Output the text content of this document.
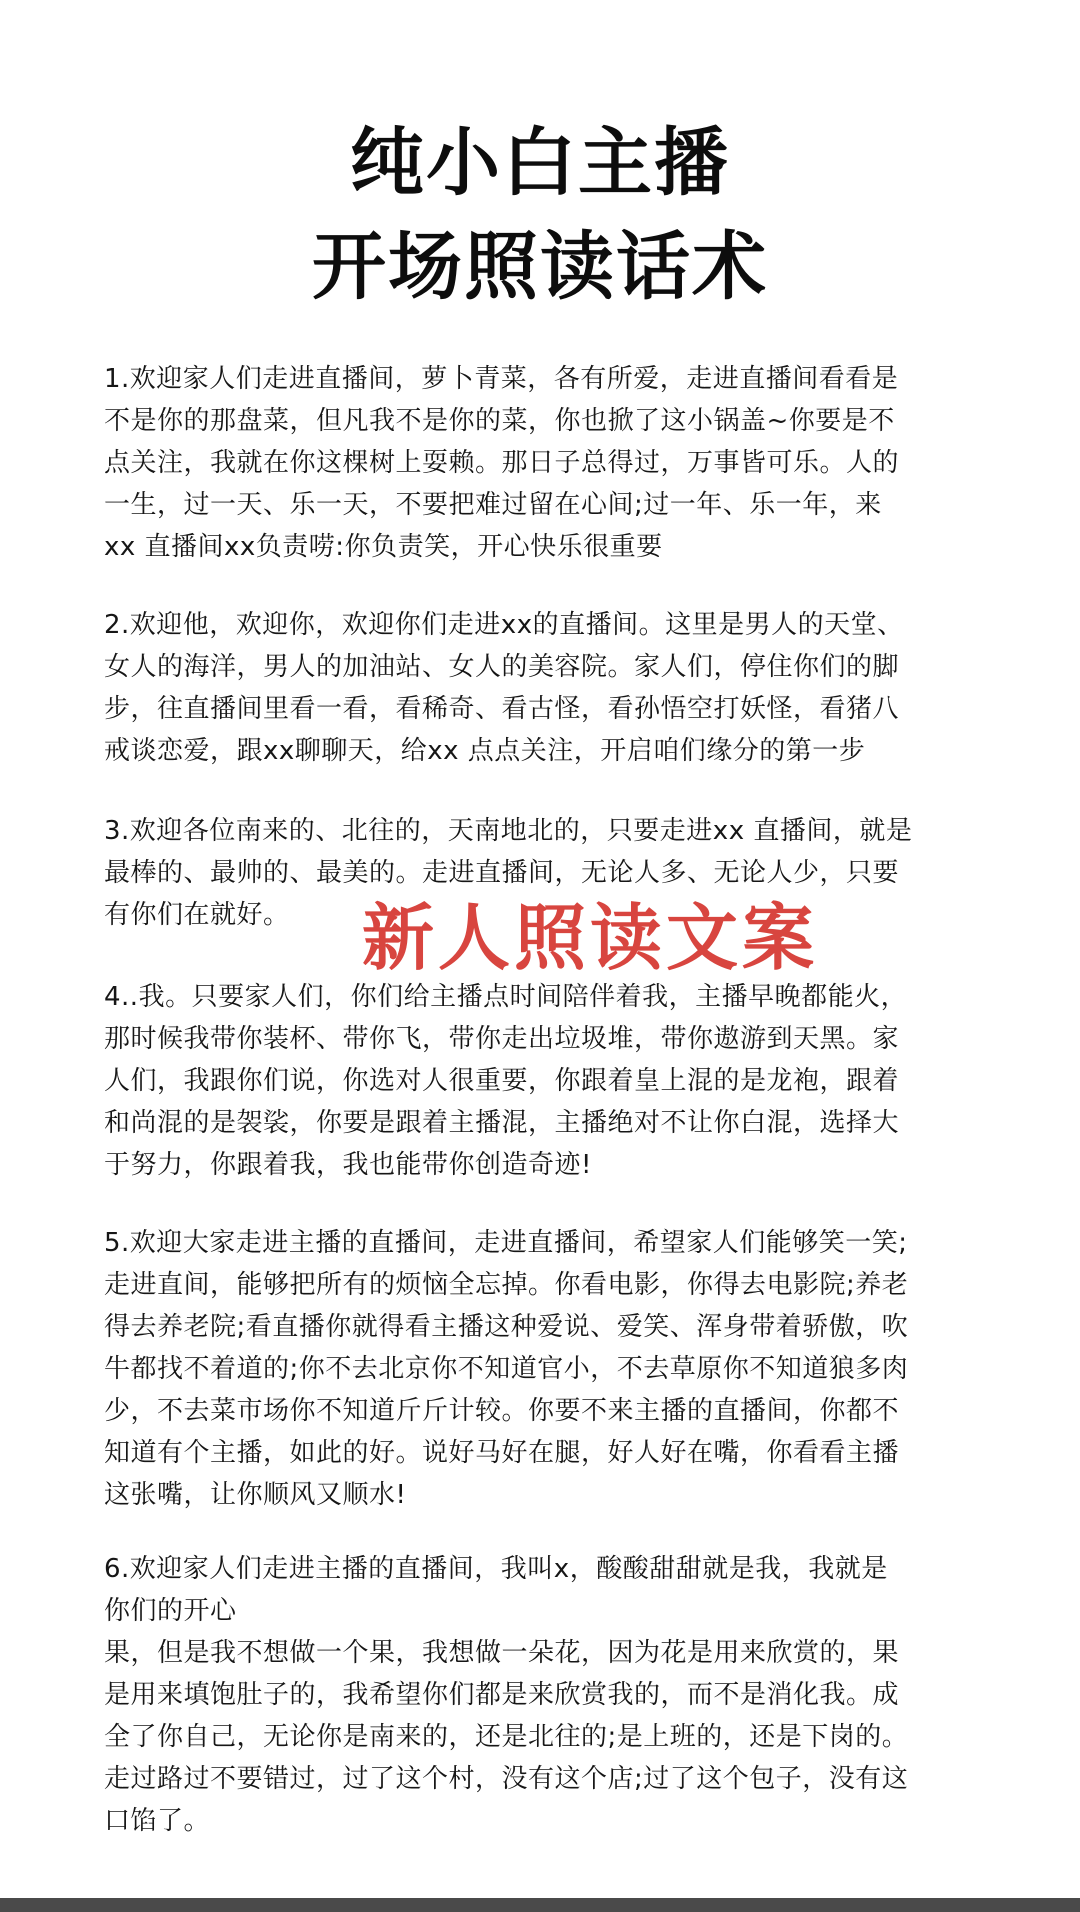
纯小白主播
开场照读话术
1.欢迎家人们走进直播间，萝卜青菜，各有所爱，走进直播间看看是
不是你的那盘菜，但凡我不是你的菜，你也掀了这小锅盖~你要是不
点关注，我就在你这棵树上耍赖。那日子总得过，万事皆可乐。人的
一生，过一天、乐一天，不要把难过留在心间;过一年、乐一年，来
xx 直播间xx负责唠:你负责笑，开心快乐很重要
2.欢迎他，欢迎你，欢迎你们走进xx的直播间。这里是男人的天堂、
女人的海洋，男人的加油站、女人的美容院。家人们，停住你们的脚
步，往直播间里看一看，看稀奇、看古怪，看孙悟空打妖怪，看猪八
戒谈恋爱，跟xx聊聊天，给xx 点点关注，开启咱们缘分的第一步
3.欢迎各位南来的、北往的，天南地北的，只要走进xx 直播间，就是
最棒的、最帅的、最美的。走进直播间，无论人多、无论人少，只要
有你们在就好。	新人照读文案
4..我。只要家人们，你们给主播点时间陪伴着我，主播早晚都能火，
那时候我带你装杯、带你飞，带你走出垃圾堆，带你遨游到天黑。家
人们，我跟你们说，你选对人很重要，你跟着皇上混的是龙袍，跟着
和尚混的是袈裟，你要是跟着主播混，主播绝对不让你白混，选择大
于努力，你跟着我，我也能带你创造奇迹!
5.欢迎大家走进主播的直播间，走进直播间，希望家人们能够笑一笑;
走进直间，能够把所有的烦恼全忘掉。你看电影，你得去电影院;养老
得去养老院;看直播你就得看主播这种爱说、爱笑、浑身带着骄傲，吹
牛都找不着道的;你不去北京你不知道官小，不去草原你不知道狼多肉
少，不去菜市场你不知道斤斤计较。你要不来主播的直播间，你都不
知道有个主播，如此的好。说好马好在腿，好人好在嘴，你看看主播
这张嘴，让你顺风又顺水!
6.欢迎家人们走进主播的直播间，我叫x，酸酸甜甜就是我，我就是
你们的开心
果，但是我不想做一个果，我想做一朵花，因为花是用来欣赏的，果
是用来填饱肚子的，我希望你们都是来欣赏我的，而不是消化我。成
全了你自己，无论你是南来的，还是北往的;是上班的，还是下岗的。
走过路过不要错过，过了这个村，没有这个店;过了这个包子，没有这
口馅了。
